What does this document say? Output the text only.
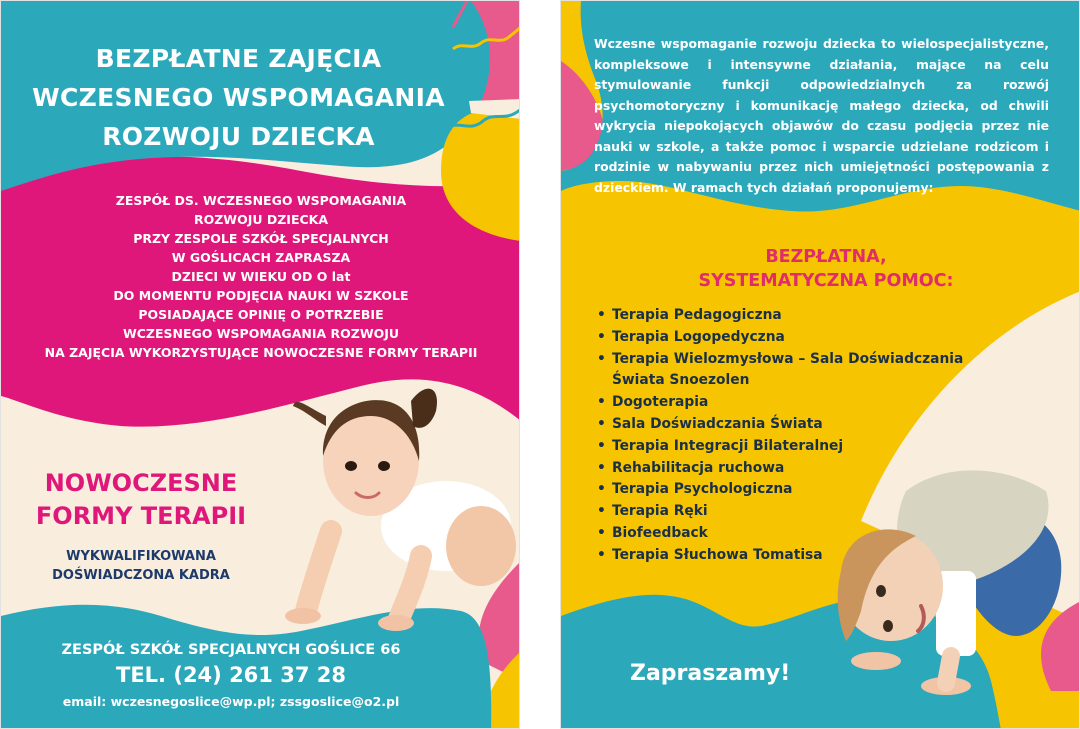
BEZPŁATNE ZAJĘCIA
WCZESNEGO WSPOMAGANIA
ROZWOJU DZIECKA
ZESPÓŁ DS. WCZESNEGO WSPOMAGANIA
ROZWOJU DZIECKA
PRZY ZESPOLE SZKÓŁ SPECJALNYCH
W GOŚLICACH ZAPRASZA
DZIECI W WIEKU OD O lat
DO MOMENTU PODJĘCIA NAUKI W SZKOLE
POSIADAJĄCE OPINIĘ O POTRZEBIE
WCZESNEGO WSPOMAGANIA ROZWOJU
NA ZAJĘCIA WYKORZYSTUJĄCE NOWOCZESNE FORMY TERAPII
NOWOCZESNE
FORMY TERAPII
WYKWALIFIKOWANA
DOŚWIADCZONA KADRA
ZESPÓŁ SZKÓŁ SPECJALNYCH GOŚLICE 66
TEL. (24) 261 37 28
email: wczesnegoslice@wp.pl; zssgoslice@o2.pl
Wczesne wspomaganie rozwoju dziecka to wielospecjalistyczne, kompleksowe i intensywne działania, mające na celu stymulowanie funkcji odpowiedzialnych za rozwój psychomotoryczny i komunikację małego dziecka, od chwili wykrycia niepokojących objawów do czasu podjęcia przez nie nauki w szkole, a także pomoc i wsparcie udzielane rodzicom i rodzinie w nabywaniu przez nich umiejętności postępowania z dzieckiem. W ramach tych działań proponujemy:
BEZPŁATNA,
SYSTEMATYCZNA POMOC:
• Terapia Pedagogiczna
• Terapia Logopedyczna
• Terapia Wielozmysłowa – Sala Doświadczania Świata Snoezolen
• Dogoterapia
• Sala Doświadczania Świata
• Terapia Integracji Bilateralnej
• Rehabilitacja ruchowa
• Terapia Psychologiczna
• Terapia Ręki
• Biofeedback
• Terapia Słuchowa Tomatisa
Zapraszamy!
